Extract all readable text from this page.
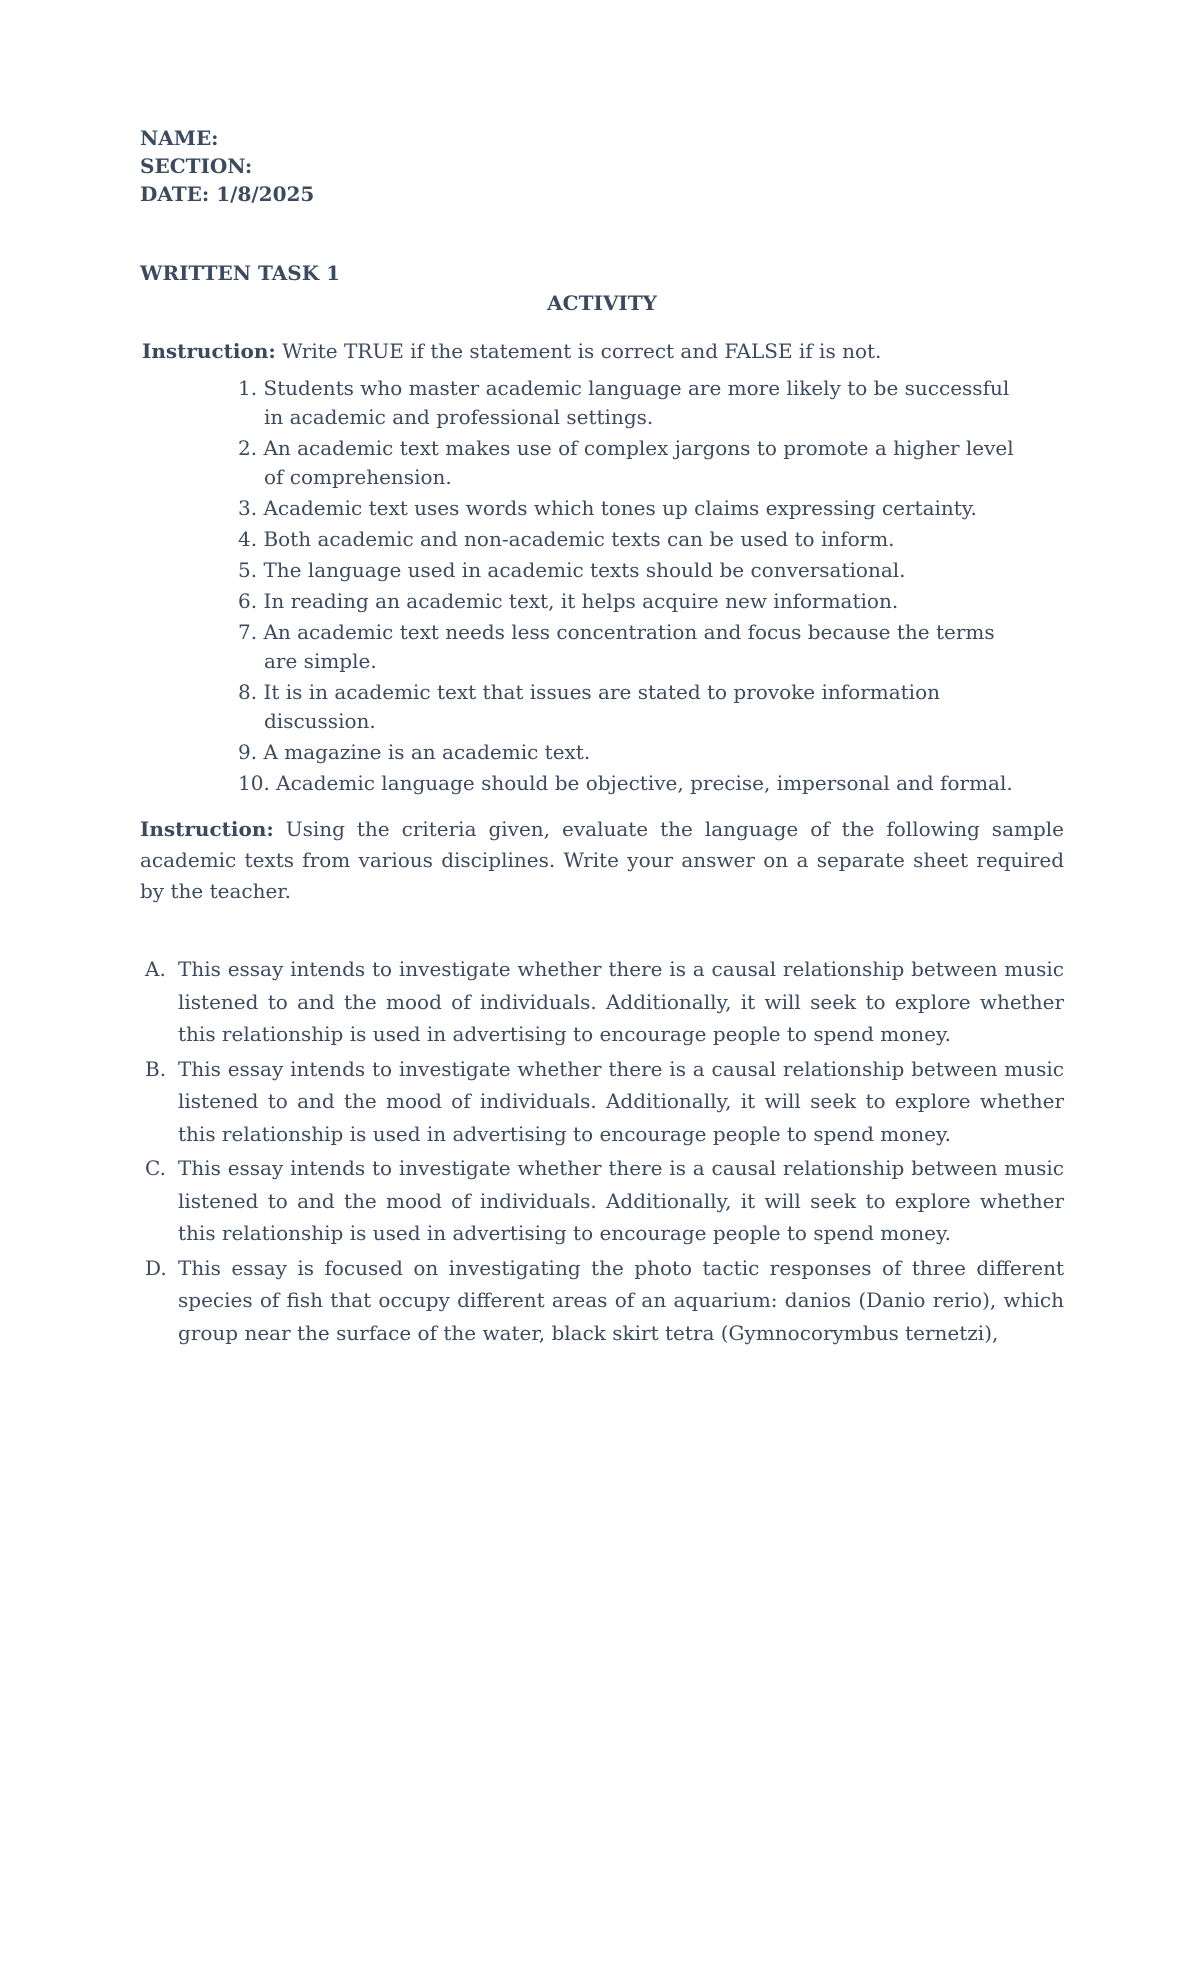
NAME:
SECTION:
DATE: 1/8/2025
WRITTEN TASK 1
ACTIVITY
Instruction: Write TRUE if the statement is correct and FALSE if is not.
1. Students who master academic language are more likely to be successful in academic and professional settings.
2. An academic text makes use of complex jargons to promote a higher level of comprehension.
3. Academic text uses words which tones up claims expressing certainty.
4. Both academic and non-academic texts can be used to inform.
5. The language used in academic texts should be conversational.
6. In reading an academic text, it helps acquire new information.
7. An academic text needs less concentration and focus because the terms are simple.
8. It is in academic text that issues are stated to provoke information discussion.
9. A magazine is an academic text.
10. Academic language should be objective, precise, impersonal and formal.
Instruction: Using the criteria given, evaluate the language of the following sample academic texts from various disciplines. Write your answer on a separate sheet required by the teacher.
A. This essay intends to investigate whether there is a causal relationship between music listened to and the mood of individuals. Additionally, it will seek to explore whether this relationship is used in advertising to encourage people to spend money.
B. This essay intends to investigate whether there is a causal relationship between music listened to and the mood of individuals. Additionally, it will seek to explore whether this relationship is used in advertising to encourage people to spend money.
C. This essay intends to investigate whether there is a causal relationship between music listened to and the mood of individuals. Additionally, it will seek to explore whether this relationship is used in advertising to encourage people to spend money.
D. This essay is focused on investigating the photo tactic responses of three different species of fish that occupy different areas of an aquarium: danios (Danio rerio), which group near the surface of the water, black skirt tetra (Gymnocorymbus ternetzi),
